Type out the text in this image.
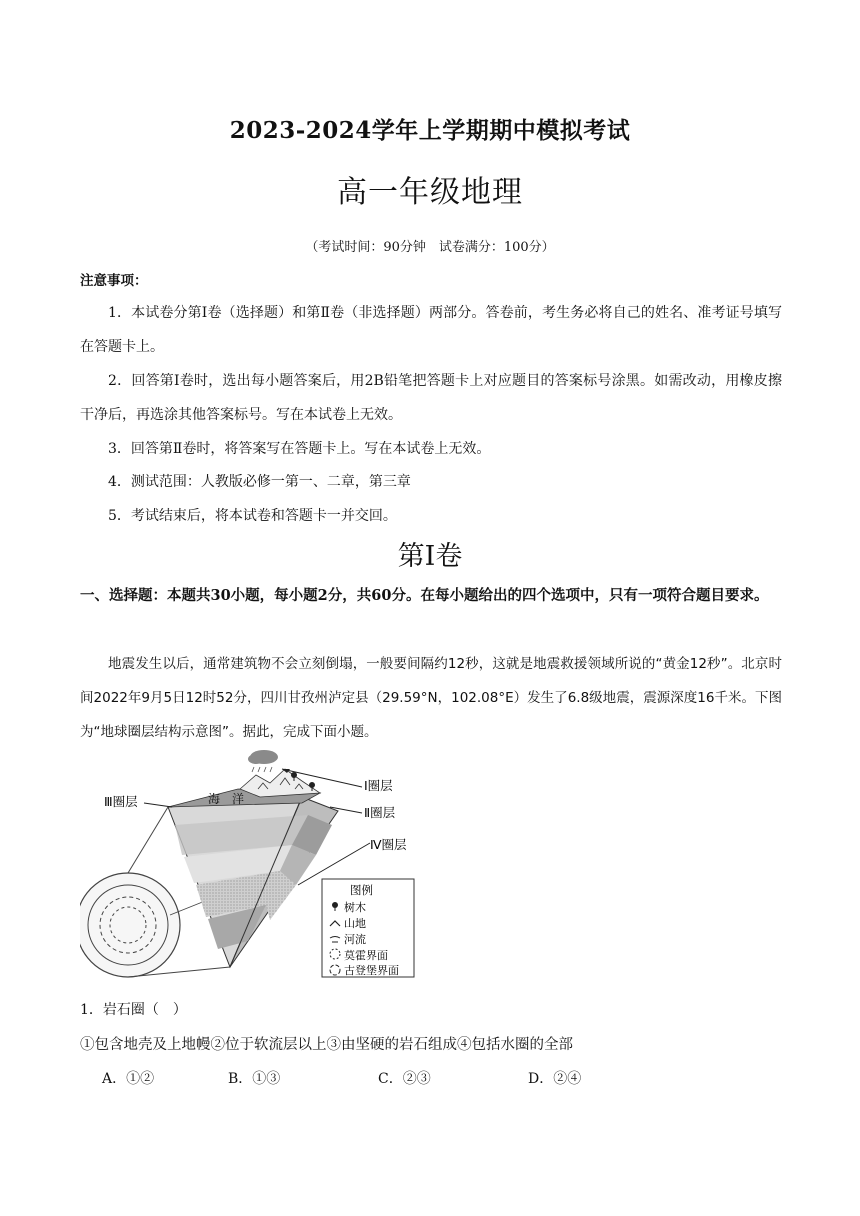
2023-2024学年上学期期中模拟考试
高一年级地理
（考试时间：90分钟　试卷满分：100分）
注意事项：
1．本试卷分第Ⅰ卷（选择题）和第Ⅱ卷（非选择题）两部分。答卷前，考生务必将自己的姓名、准考证号填写在答题卡上。
2．回答第Ⅰ卷时，选出每小题答案后，用2B铅笔把答题卡上对应题目的答案标号涂黑。如需改动，用橡皮擦干净后，再选涂其他答案标号。写在本试卷上无效。
3．回答第Ⅱ卷时，将答案写在答题卡上。写在本试卷上无效。
4．测试范围：人教版必修一第一、二章，第三章
5．考试结束后，将本试卷和答题卡一并交回。
第Ⅰ卷
一、选择题：本题共30小题，每小题2分，共60分。在每小题给出的四个选项中，只有一项符合题目要求。
地震发生以后，通常建筑物不会立刻倒塌，一般要间隔约12秒，这就是地震救援领域所说的“黄金12秒”。北京时间2022年9月5日12时52分，四川甘孜州泸定县（29.59°N，102.08°E）发生了6.8级地震，震源深度16千米。下图为“地球圈层结构示意图”。据此，完成下面小题。
海　洋
Ⅰ圈层
Ⅱ圈层
Ⅲ圈层
Ⅳ圈层
图例
树木
山地
河流
莫霍界面
古登堡界面
1．岩石圈（　）
①包含地壳及上地幔②位于软流层以上③由坚硬的岩石组成④包括水圈的全部
A．①②	B．①③	C．②③	D．②④
